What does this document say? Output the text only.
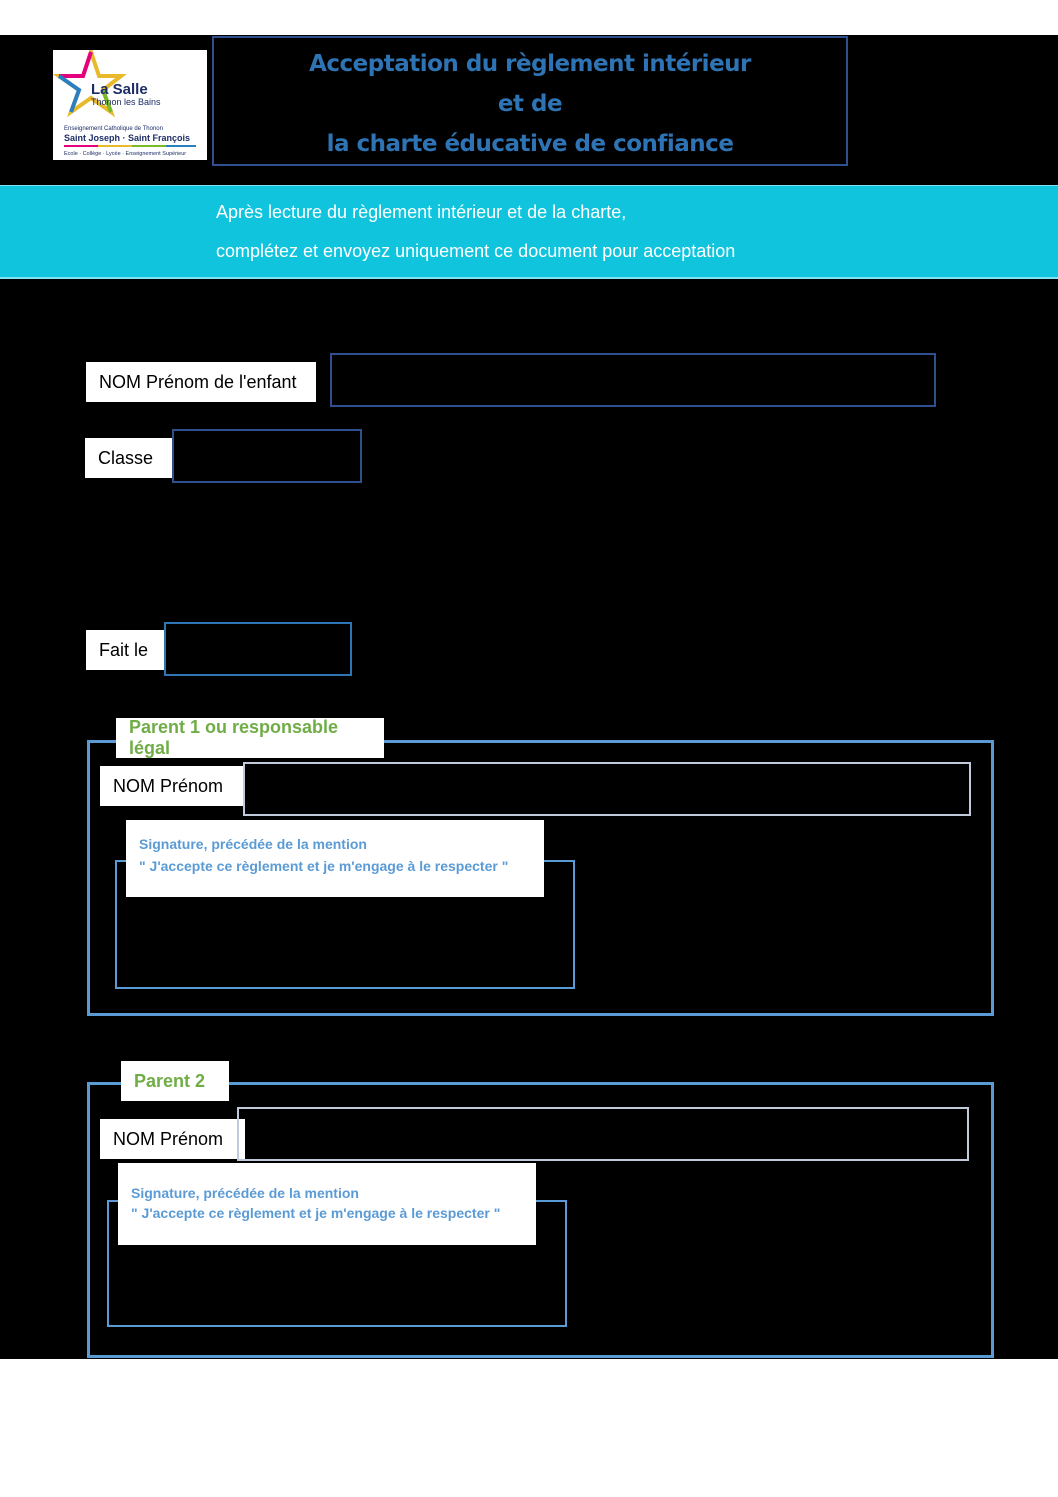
La Salle
Thonon les Bains
Enseignement Catholique de Thonon
Saint Joseph · Saint François
Ecole · Collège · Lycée · Enseignement Supérieur
Acceptation du règlement intérieur
et de
la charte éducative de confiance
Après lecture du règlement intérieur et de la charte,
complétez et envoyez uniquement ce document pour acceptation
NOM Prénom de l'enfant
Classe
Fait le
Parent 1 ou responsable légal
NOM Prénom
Signature, précédée de la mention
" J'accepte ce règlement et je m'engage à le respecter "
Parent 2
NOM Prénom
Signature, précédée de la mention
" J'accepte ce règlement et je m'engage à le respecter "
